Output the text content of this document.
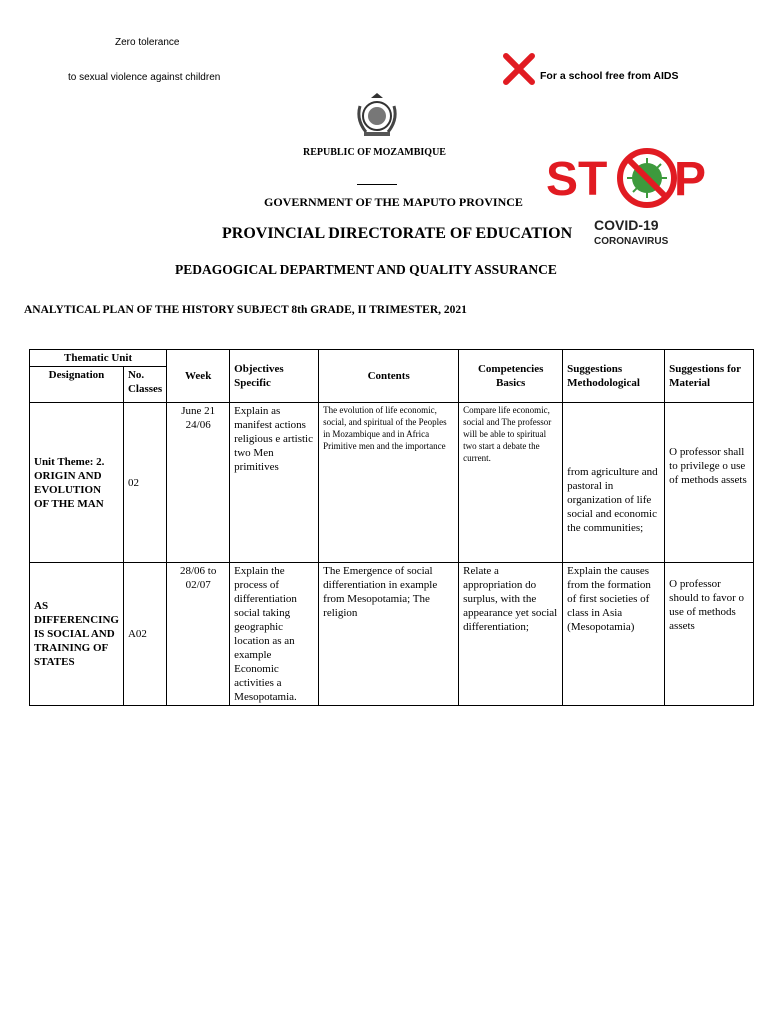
Zero tolerance
to sexual violence against children	For a school free from AIDS
REPUBLIC OF MOZAMBIQUE
GOVERNMENT OF THE MAPUTO PROVINCE
PROVINCIAL DIRECTORATE OF EDUCATION
PEDAGOGICAL DEPARTMENT AND QUALITY ASSURANCE
ANALYTICAL PLAN OF THE HISTORY SUBJECT 8th GRADE, II TRIMESTER, 2021
ST P
COVID-19
CORONAVIRUS
Thematic Unit		Week	Objectives Specific	Contents	Competencies Basics	Suggestions Methodological	Suggestions for Material
Designation	No. Classes						
Unit Theme: 2. ORIGIN AND EVOLUTION OF THE MAN	02	June 21 24/06	Explain as manifest actions religious e artistic two Men primitives	The evolution of life economic, social, and spiritual of the Peoples in Mozambique and in Africa Primitive men and the importance	Compare life economic, social and The professor will be able to spiritual two start a debate the current.	from agriculture and pastoral in organization of life social and economic the communities;	O professor shall to privilege o use of methods assets
AS DIFFERENCING IS SOCIAL AND TRAINING OF STATES	A02	28/06 to 02/07	Explain the process of differentiation social taking geographic location as an example Economic activities a Mesopotamia.	The Emergence of social differentiation in example from Mesopotamia; The religion	Relate a appropriation do surplus, with the appearance yet social differentiation;	Explain the causes from the formation of first societies of class in Asia (Mesopotamia)	O professor should to favor o use of methods assets
